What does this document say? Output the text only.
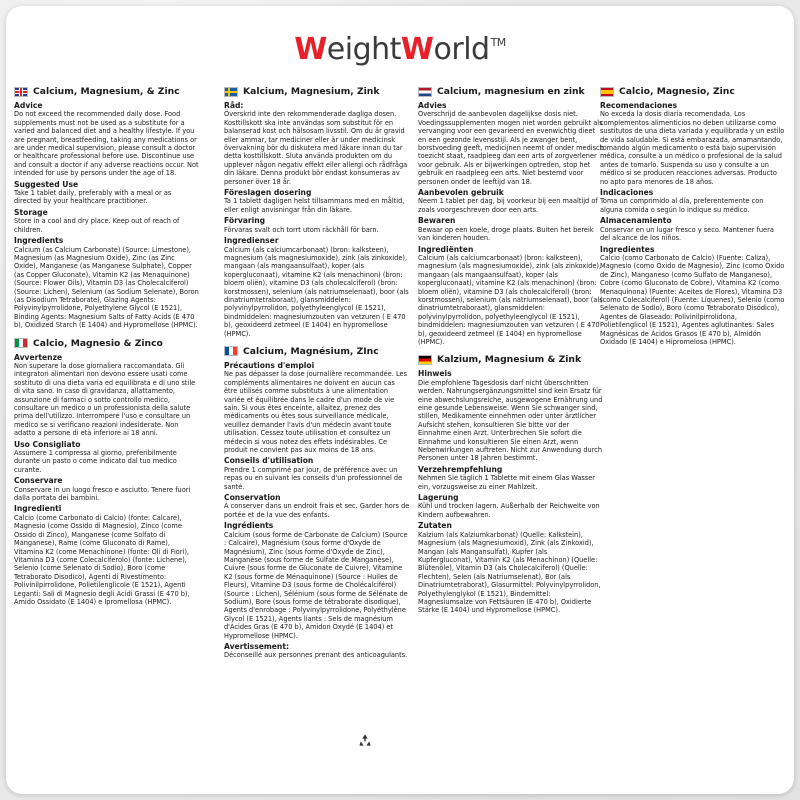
W eight W orld TM
Calcium, Magnesium, & Zinc
Advice
Do not exceed the recommended daily dose. Food supplements must not be used as a substitute for a varied and balanced diet and a healthy lifestyle. If you are pregnant, breastfeeding, taking any medications or are under medical supervision, please consult a doctor or healthcare professional before use. Discontinue use and consult a doctor if any adverse reactions occur. Not intended for use by persons under the age of 18.
Suggested Use
Take 1 tablet daily, preferably with a meal or as directed by your healthcare practitioner.
Storage
Store in a cool and dry place. Keep out of reach of children.
Ingredients
Calcium (as Calcium Carbonate) (Source: Limestone), Magnesium (as Magnesium Oxide), Zinc (as Zinc Oxide), Manganese (as Manganese Sulphate), Copper (as Copper Gluconate), Vitamin K2 (as Menaquinone) (Source: Flower Oils), Vitamin D3 (as Cholecalciferol) (Source: Lichen), Selenium (as Sodium Selenate), Boron (as Disodium Tetraborate), Glazing Agents: Polyvinylpyrrolidone, Polyethylene Glycol (E 1521), Binding Agents: Magnesium Salts of Fatty Acids (E 470 b), Oxidized Starch (E 1404) and Hypromellose (HPMC).
Calcio, Magnesio & Zinco
Avvertenze
Non superare la dose giornaliera raccomandata. Gli integratori alimentari non devono essere usati come sostituto di una dieta varia ed equilibrata e di uno stile di vita sano. In caso di gravidanza, allattamento, assunzione di farmaci o sotto controllo medico, consultare un medico o un professionista della salute prima dell'utilizzo. Interrompere l'uso e consultare un medico se si verificano reazioni indesiderate. Non adatto a persone di età inferiore ai 18 anni.
Uso Consigliato
Assumere 1 compressa al giorno, preferibilmente durante un pasto o come indicato dal tuo medico curante.
Conservare
Conservare in un luogo fresco e asciutto. Tenere fuori dalla portata dei bambini.
Ingredienti
Calcio (come Carbonato di Calcio) (fonte: Calcare), Magnesio (come Ossido di Magnesio), Zinco (come Ossido di Zinco), Manganese (come Solfato di Manganese), Rame (come Gluconato di Rame), Vitamina K2 (come Menachinone) (fonte: Oli di Fiori), Vitamina D3 (come Colecalciferolo) (fonte: Lichene), Selenio (come Selenato di Sodio), Boro (come Tetraborato Disodico), Agenti di Rivestimento: Polivinilpirrolidone, Polietilenglicole (E 1521), Agenti Leganti: Sali di Magnesio degli Acidi Grassi (E 470 b), Amido Ossidato (E 1404) e Ipromellosa (HPMC).
Kalcium, Magnesium, Zink
Råd:
Överskrid inte den rekommenderade dagliga dosen. Kosttillskott ska inte användas som substitut för en balanserad kost och hälsosam livsstil. Om du är gravid eller ammar, tar mediciner eller är under medicinsk övervakning bör du diskutera med läkare innan du tar detta kosttillskott. Sluta använda produkten om du upplever någon negativ effekt eller allergi och rådfråga din läkare. Denna produkt bör endast konsumeras av personer över 18 år.
Föreslagen dosering
Ta 1 tablett dagligen helst tillsammans med en måltid, eller enligt anvisningar från din läkare.
Förvaring
Förvaras svalt och torrt utom räckhåll för barn.
Ingredienser
Calcium (als calciumcarbonaat) (bron: kalksteen), magnesium (als magnesiumoxide), zink (als zinkoxide), mangaan (als mangaansulfaat), koper (als kopergluconaat), vitamine K2 (als menachinon) (bron: bloem oliën), vitamine D3 (als cholecalciferol) (bron: korstmossen), selenium (als natriumselenaat), boor (als dinatriumtetraboraat), glansmiddelen: polyvinylpyrrolidon, polyethyleenglycol (E 1521), bindmiddelen: magnesiumzouten van vetzuren ( E 470 b), geoxideerd zetmeel (E 1404) en hypromellose (HPMC).
Calcium, Magnésium, ZInc
Précautions d'emploi
Ne pas dépasser la dose journalière recommandée. Les compléments alimentaires ne doivent en aucun cas être utilisés comme substituts à une alimentation variée et équilibrée dans le cadre d'un mode de vie sain. Si vous êtes enceinte, allaitez, prenez des médicaments ou êtes sous surveillance médicale, veuillez demander l'avis d'un médecin avant toute utilisation. Cessez toute utilisation et consultez un médecin si vous notez des effets indésirables. Ce produit ne convient pas aux moins de 18 ans.
Conseils d'utilisation
Prendre 1 comprimé par jour, de préférence avec un repas ou en suivant les conseils d'un professionnel de santé.
Conservation
À conserver dans un endroit frais et sec. Garder hors de portée et de la vue des enfants.
Ingrédients
Calcium (sous forme de Carbonate de Calcium) (Source : Calcaire), Magnésium (sous forme d'Oxyde de Magnésium), Zinc (sous forme d'Oxyde de Zinc), Manganèse (sous forme de Sulfate de Manganèse), Cuivre (sous forme de Gluconate de Cuivre), Vitamine K2 (sous forme de Ménaquinone) (Source : Huiles de Fleurs), Vitamine D3 (sous forme de Cholécalciférol) (Source : Lichen), Sélénium (sous forme de Sélénate de Sodium), Bore (sous forme de tétraborate disodique), Agents d'enrobage : Polyvinylpyrrolidone, Polyéthylène Glycol (E 1521), Agents liants : Sels de magnésium d'Acides Gras (E 470 b), Amidon Oxydé (E 1404) et Hypromellose (HPMC).
Avertissement:
Déconseillé aux personnes prenant des anticoagulants.
Calcium, magnesium en zink
Advies
Overschrijd de aanbevolen dagelijkse dosis niet. Voedingssupplementen mogen niet worden gebruikt als vervanging voor een gevarieerd en evenwichtig dieet en een gezonde levensstijl. Als je zwanger bent, borstvoeding geeft, medicijnen neemt of onder medisch toezicht staat, raadpleeg dan een arts of zorgverlener voor gebruik. Als er bijwerkingen optreden, stop het gebruik en raadpleeg een arts. Niet bestemd voor personen onder de leeftijd van 18.
Aanbevolen gebruik
Neem 1 tablet per dag, bij voorkeur bij een maaltijd of zoals voorgeschreven door een arts.
Bewaren
Bewaar op een koele, droge plaats. Buiten het bereik van kinderen houden.
Ingrediënten
Calcium (als calciumcarbonaat) (bron: kalksteen), magnesium (als magnesiumoxide), zink (als zinkoxide), mangaan (als mangaansulfaat), koper (als kopergluconaat), vitamine K2 (als menachinon) (bron: bloem oliën), vitamine D3 (als cholecalciferol) (bron: korstmossen), selenium (als natriumselenaat), boor (als dinatriumtetraboraat), glansmiddelen: polyvinylpyrrolidon, polyethyleenglycol (E 1521), bindmiddelen: magnesiumzouten van vetzuren ( E 470 b), geoxideerd zetmeel (E 1404) en hypromellose (HPMC).
Kalzium, Magnesium & Zink
Hinweis
Die empfohlene Tagesdosis darf nicht überschritten werden. Nahrungsergänzungsmittel sind kein Ersatz für eine abwechslungsreiche, ausgewogene Ernährung und eine gesunde Lebensweise. Wenn Sie schwanger sind, stillen, Medikamente einnehmen oder unter ärztlicher Aufsicht stehen, konsultieren Sie bitte vor der Einnahme einen Arzt. Unterbrechen Sie sofort die Einnahme und konsultieren Sie einen Arzt, wenn Nebenwirkungen auftreten. Nicht zur Anwendung durch Personen unter 18 Jahren bestimmt.
Verzehrempfehlung
Nehmen Sie täglich 1 Tablette mit einem Glas Wasser ein, vorzugsweise zu einer Mahlzeit.
Lagerung
Kühl und trocken lagern. Außerhalb der Reichweite von Kindern aufbewahren.
Zutaten
Kalzium (als Kalziumkarbonat) (Quelle: Kalkstein), Magnesium (als Magnesiumoxid), Zink (als Zinkoxid), Mangan (als Mangansulfat), Kupfer (als Kupfergluconat), Vitamin K2 (als Menachinon) (Quelle: Blütenöle), Vitamin D3 (als Cholecalciferol) (Quelle: Flechten), Selen (als Natriumselenat), Bor (als Dinatriumtetraborat), Glasurmittel: Polyvinylpyrrolidon, Polyethylenglykol (E 1521), Bindemittel: Magnesiumsalze von Fettsäuren (E 470 b), Oxidierte Stärke (E 1404) und Hypromellose (HPMC).
Calcio, Magnesio, Zinc
Recomendaciones
No exceda la dosis diaria recomendada. Los complementos alimenticios no deben utilizarse como sustitutos de una dieta variada y equilibrada y un estilo de vida saludable. Si está embarazada, amamantando, tomando algún medicamento o está bajo supervisión médica, consulte a un médico o profesional de la salud antes de tomarlo. Suspenda su uso y consulte a un médico si se producen reacciones adversas. Producto no apto para menores de 18 años.
Indicaciones
Toma un comprimido al día, preferentemente con alguna comida o según lo indique su médico.
Almacenamiento
Conservar en un lugar fresco y seco. Mantener fuera del alcance de los niños.
Ingredientes
Calcio (como Carbonato de Calcio) (Fuente: Caliza), Magnesio (como Óxido de Magnesio), Zinc (como Óxido de Zinc), Manganeso (como Sulfato de Manganeso), Cobre (como Gluconato de Cobre), Vitamina K2 (como Menaquinona) (Fuente: Aceites de Flores), Vitamina D3 (como Colecalciferol) (Fuente: Líquenes), Selenio (como Selenato de Sodio), Boro (como Tetraborato Disódico), Agentes de Glaseado: Polivinilpirrolidona, Polietilenglicol (E 1521), Agentes aglutinantes: Sales Magnésicas de Ácidos Grasos (E 470 b), Almidón Oxidado (E 1404) e Hipromelosa (HPMC).
